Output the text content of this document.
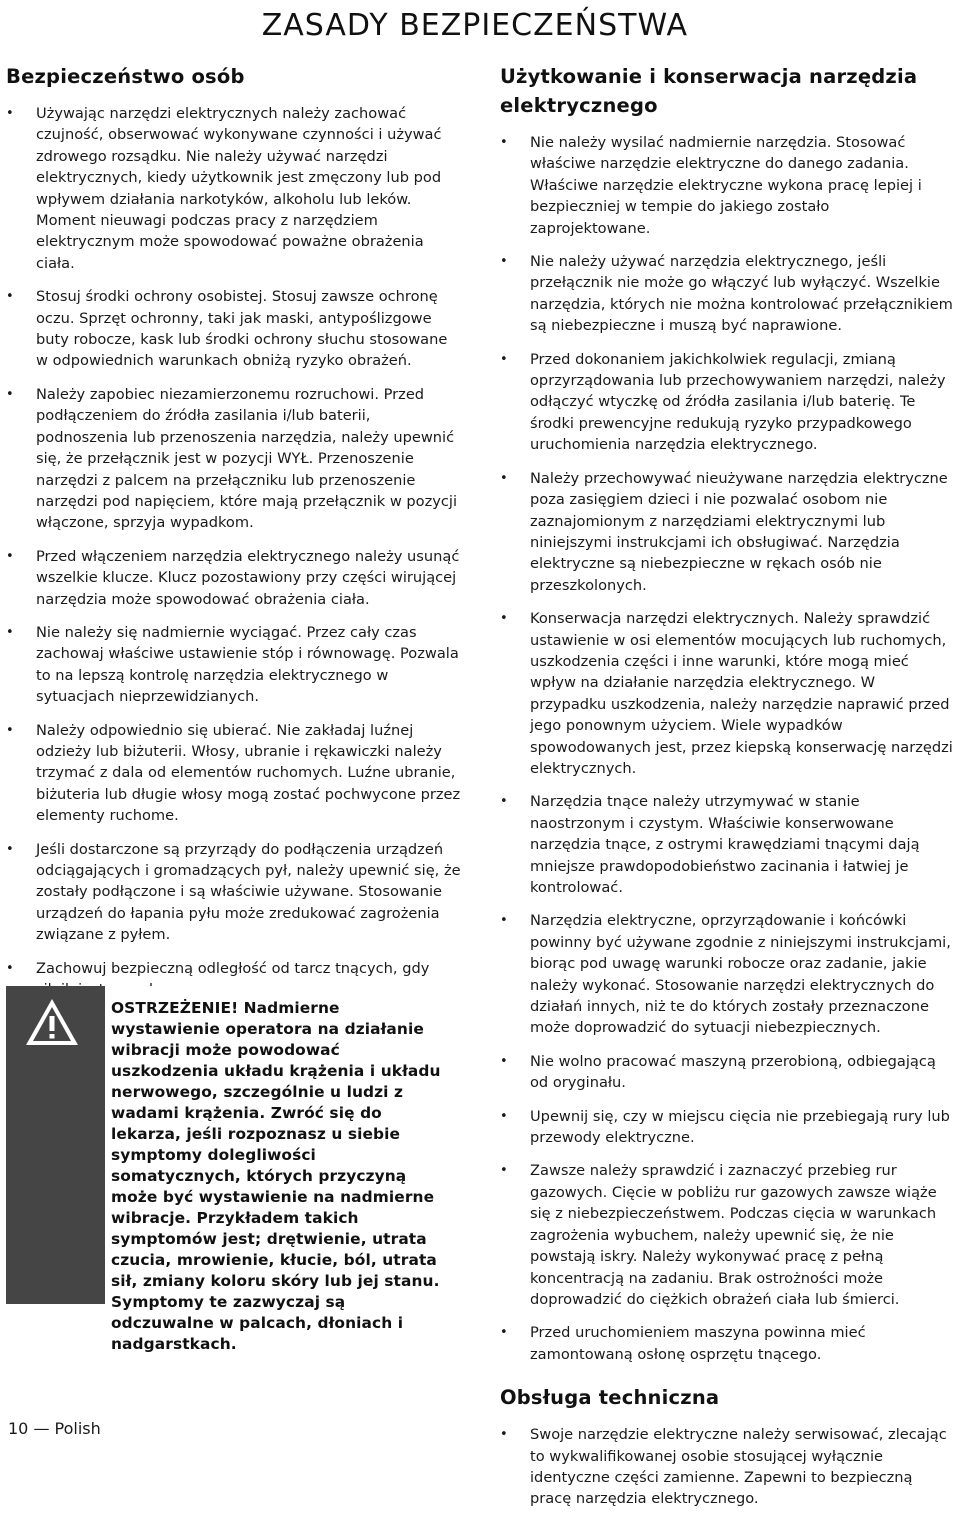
ZASADY BEZPIECZEŃSTWA
Bezpieczeństwo osób
• Używając narzędzi elektrycznych należy zachować czujność, obserwować wykonywane czynności i używać zdrowego rozsądku. Nie należy używać narzędzi elektrycznych, kiedy użytkownik jest zmęczony lub pod wpływem działania narkotyków, alkoholu lub leków. Moment nieuwagi podczas pracy z narzędziem elektrycznym może spowodować poważne obrażenia ciała.
• Stosuj środki ochrony osobistej. Stosuj zawsze ochronę oczu. Sprzęt ochronny, taki jak maski, antypoślizgowe buty robocze, kask lub środki ochrony słuchu stosowane w odpowiednich warunkach obniżą ryzyko obrażeń.
• Należy zapobiec niezamierzonemu rozruchowi. Przed podłączeniem do źródła zasilania i/lub baterii, podnoszenia lub przenoszenia narzędzia, należy upewnić się, że przełącznik jest w pozycji WYŁ. Przenoszenie narzędzi z palcem na przełączniku lub przenoszenie narzędzi pod napięciem, które mają przełącznik w pozycji włączone, sprzyja wypadkom.
• Przed włączeniem narzędzia elektrycznego należy usunąć wszelkie klucze. Klucz pozostawiony przy części wirującej narzędzia może spowodować obrażenia ciała.
• Nie należy się nadmiernie wyciągać. Przez cały czas zachowaj właściwe ustawienie stóp i równowagę. Pozwala to na lepszą kontrolę narzędzia elektrycznego w sytuacjach nieprzewidzianych.
• Należy odpowiednio się ubierać. Nie zakładaj luźnej odzieży lub biżuterii. Włosy, ubranie i rękawiczki należy trzymać z dala od elementów ruchomych. Luźne ubranie, biżuteria lub długie włosy mogą zostać pochwycone przez elementy ruchome.
• Jeśli dostarczone są przyrządy do podłączenia urządzeń odciągających i gromadzących pył, należy upewnić się, że zostały podłączone i są właściwie używane. Stosowanie urządzeń do łapania pyłu może zredukować zagrożenia związane z pyłem.
• Zachowuj bezpieczną odległość od tarcz tnących, gdy

OSTRZEŻENIE! Nadmierne wystawienie operatora na działanie wibracji może powodować uszkodzenia układu krążenia i układu nerwowego, szczególnie u ludzi z wadami krążenia. Zwróć się do lekarza, jeśli rozpoznasz u siebie symptomy dolegliwości somatycznych, których przyczyną może być wystawienie na nadmierne wibracje. Przykładem takich symptomów jest; drętwienie, utrata czucia, mrowienie, kłucie, ból, utrata sił, zmiany koloru skóry lub jej stanu. Symptomy te zazwyczaj są odczuwalne w palcach, dłoniach i nadgarstkach.

Użytkowanie i konserwacja narzędzia elektrycznego
• Nie należy wysilać nadmiernie narzędzia. Stosować właściwe narzędzie elektryczne do danego zadania. Właściwe narzędzie elektryczne wykona pracę lepiej i bezpieczniej w tempie do jakiego zostało zaprojektowane.
• Nie należy używać narzędzia elektrycznego, jeśli przełącznik nie może go włączyć lub wyłączyć. Wszelkie narzędzia, których nie można kontrolować przełącznikiem są niebezpieczne i muszą być naprawione.
• Przed dokonaniem jakichkolwiek regulacji, zmianą oprzyrządowania lub przechowywaniem narzędzi, należy odłączyć wtyczkę od źródła zasilania i/lub baterię. Te środki prewencyjne redukują ryzyko przypadkowego uruchomienia narzędzia elektrycznego.
• Należy przechowywać nieużywane narzędzia elektryczne poza zasięgiem dzieci i nie pozwalać osobom nie zaznajomionym z narzędziami elektrycznymi lub niniejszymi instrukcjami ich obsługiwać. Narzędzia elektryczne są niebezpieczne w rękach osób nie przeszkolonych.
• Konserwacja narzędzi elektrycznych. Należy sprawdzić ustawienie w osi elementów mocujących lub ruchomych, uszkodzenia części i inne warunki, które mogą mieć wpływ na działanie narzędzia elektrycznego. W przypadku uszkodzenia, należy narzędzie naprawić przed jego ponownym użyciem. Wiele wypadków spowodowanych jest, przez kiepską konserwację narzędzi elektrycznych.
• Narzędzia tnące należy utrzymywać w stanie naostrzonym i czystym. Właściwie konserwowane narzędzia tnące, z ostrymi krawędziami tnącymi dają mniejsze prawdopodobieństwo zacinania i łatwiej je kontrolować.
• Narzędzia elektryczne, oprzyrządowanie i końcówki powinny być używane zgodnie z niniejszymi instrukcjami, biorąc pod uwagę warunki robocze oraz zadanie, jakie należy wykonać. Stosowanie narzędzi elektrycznych do działań innych, niż te do których zostały przeznaczone może doprowadzić do sytuacji niebezpiecznych.
• Nie wolno pracować maszyną przerobioną, odbiegającą od oryginału.
• Upewnij się, czy w miejscu cięcia nie przebiegają rury lub przewody elektryczne.
• Zawsze należy sprawdzić i zaznaczyć przebieg rur gazowych. Cięcie w pobliżu rur gazowych zawsze wiąże się z niebezpieczeństwem. Podczas cięcia w warunkach zagrożenia wybuchem, należy upewnić się, że nie powstają iskry. Należy wykonywać pracę z pełną koncentracją na zadaniu. Brak ostrożności może doprowadzić do ciężkich obrażeń ciała lub śmierci.
• Przed uruchomieniem maszyna powinna mieć zamontowaną osłonę osprzętu tnącego.
Obsługa techniczna
• Swoje narzędzie elektryczne należy serwisować, zlecając to wykwalifikowanej osobie stosującej wyłącznie identyczne części zamienne. Zapewni to bezpieczną pracę narzędzia elektrycznego.
10 — Polish
